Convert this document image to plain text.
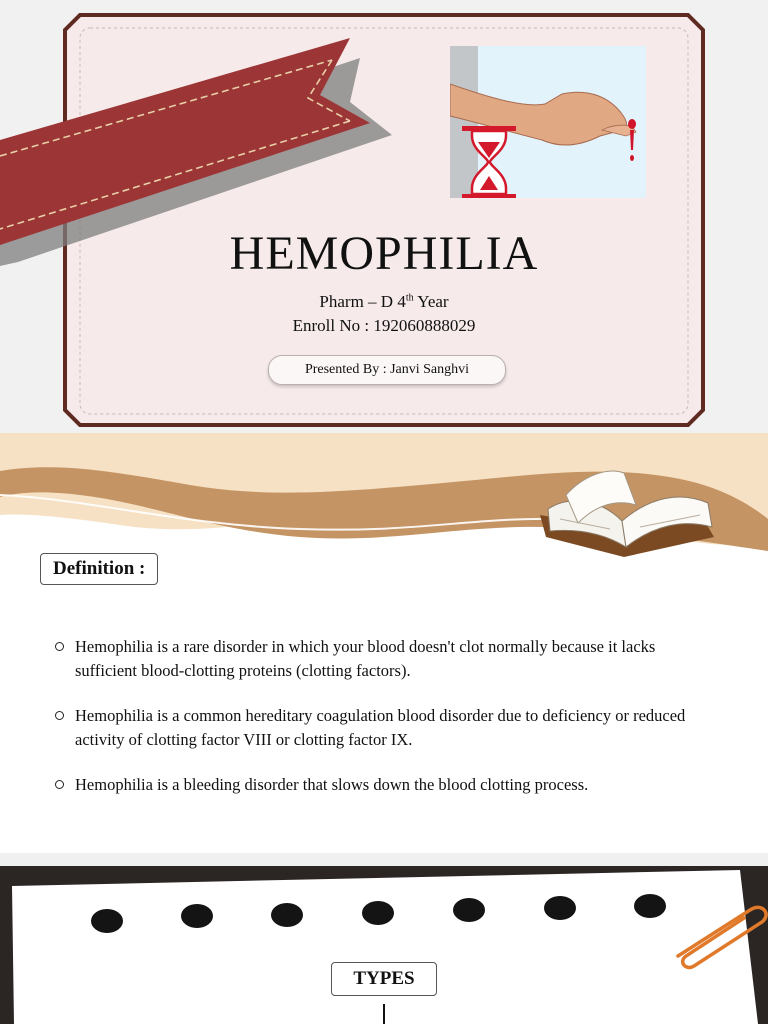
HEMOPHILIA
Pharm – D 4th Year
Enroll No : 192060888029
Presented By : Janvi Sanghvi
Definition :
Hemophilia is a rare disorder in which your blood doesn't clot normally because it lacks sufficient blood-clotting proteins (clotting factors).
Hemophilia is a common hereditary coagulation blood disorder due to deficiency or reduced activity of clotting factor VIII or clotting factor IX.
Hemophilia is a bleeding disorder that slows down the blood clotting process.
TYPES
